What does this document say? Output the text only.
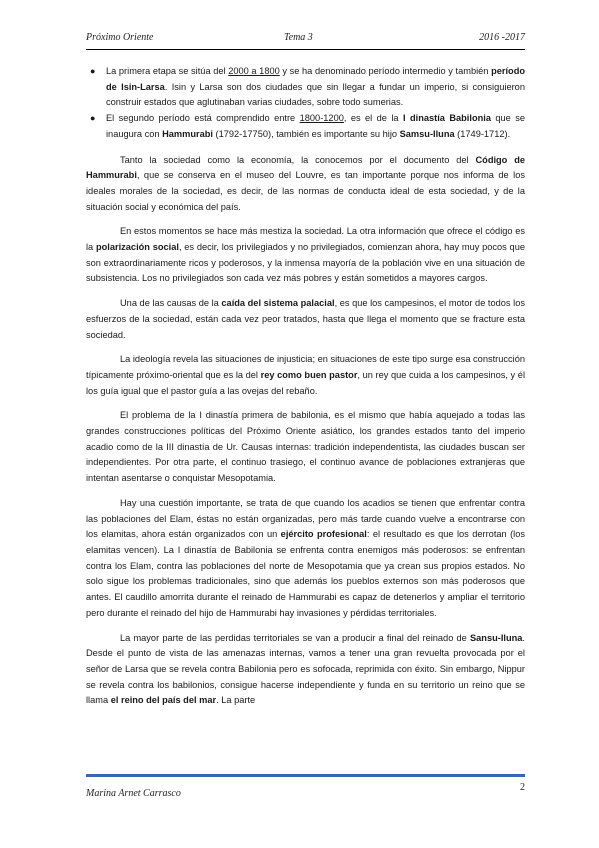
Próximo Oriente	Tema 3	2016 -2017
● La primera etapa se sitúa del 2000 a 1800 y se ha denominado período intermedio y también período de Isin-Larsa. Isin y Larsa son dos ciudades que sin llegar a fundar un imperio, si consiguieron construir estados que aglutinaban varias ciudades, sobre todo sumerias.
● El segundo período está comprendido entre 1800-1200, es el de la I dinastía Babilonia que se inaugura con Hammurabi (1792-17750), también es importante su hijo Samsu-Iluna (1749-1712).

Tanto la sociedad como la economía, la conocemos por el documento del Código de Hammurabi, que se conserva en el museo del Louvre, es tan importante porque nos informa de los ideales morales de la sociedad, es decir, de las normas de conducta ideal de esta sociedad, y de la situación social y económica del país.

En estos momentos se hace más mestiza la sociedad. La otra información que ofrece el código es la polarización social, es decir, los privilegiados y no privilegiados, comienzan ahora, hay muy pocos que son extraordinariamente ricos y poderosos, y la inmensa mayoría de la población vive en una situación de subsistencia. Los no privilegiados son cada vez más pobres y están sometidos a mayores cargos.

Una de las causas de la caída del sistema palacial, es que los campesinos, el motor de todos los esfuerzos de la sociedad, están cada vez peor tratados, hasta que llega el momento que se fracture esta sociedad.

La ideología revela las situaciones de injusticia; en situaciones de este tipo surge esa construcción típicamente próximo-oriental que es la del rey como buen pastor, un rey que cuida a los campesinos, y él los guía igual que el pastor guía a las ovejas del rebaño.

El problema de la I dinastía primera de babilonia, es el mismo que había aquejado a todas las grandes construcciones políticas del Próximo Oriente asiático, los grandes estados tanto del imperio acadio como de la III dinastía de Ur. Causas internas: tradición independentista, las ciudades buscan ser independientes. Por otra parte, el continuo trasiego, el continuo avance de poblaciones extranjeras que intentan asentarse o conquistar Mesopotamia.

Hay una cuestión importante, se trata de que cuando los acadios se tienen que enfrentar contra las poblaciones del Elam, éstas no están organizadas, pero más tarde cuando vuelve a encontrarse con los elamitas, ahora están organizados con un ejército profesional: el resultado es que los derrotan (los elamitas vencen). La I dinastía de Babilonia se enfrenta contra enemigos más poderosos: se enfrentan contra los Elam, contra las poblaciones del norte de Mesopotamia que ya crean sus propios estados. No solo sigue los problemas tradicionales, sino que además los pueblos externos son más poderosos que antes. El caudillo amorrita durante el reinado de Hammurabi es capaz de detenerlos y ampliar el territorio pero durante el reinado del hijo de Hammurabi hay invasiones y pérdidas territoriales.

La mayor parte de las perdidas territoriales se van a producir a final del reinado de Sansu-Iluna. Desde el punto de vista de las amenazas internas, vamos a tener una gran revuelta provocada por el señor de Larsa que se revela contra Babilonia pero es sofocada, reprimida con éxito. Sin embargo, Nippur se revela contra los babilonios, consigue hacerse independiente y funda en su territorio un reino que se llama el reino del país del mar. La parte

Marina Arnet Carrasco
2
